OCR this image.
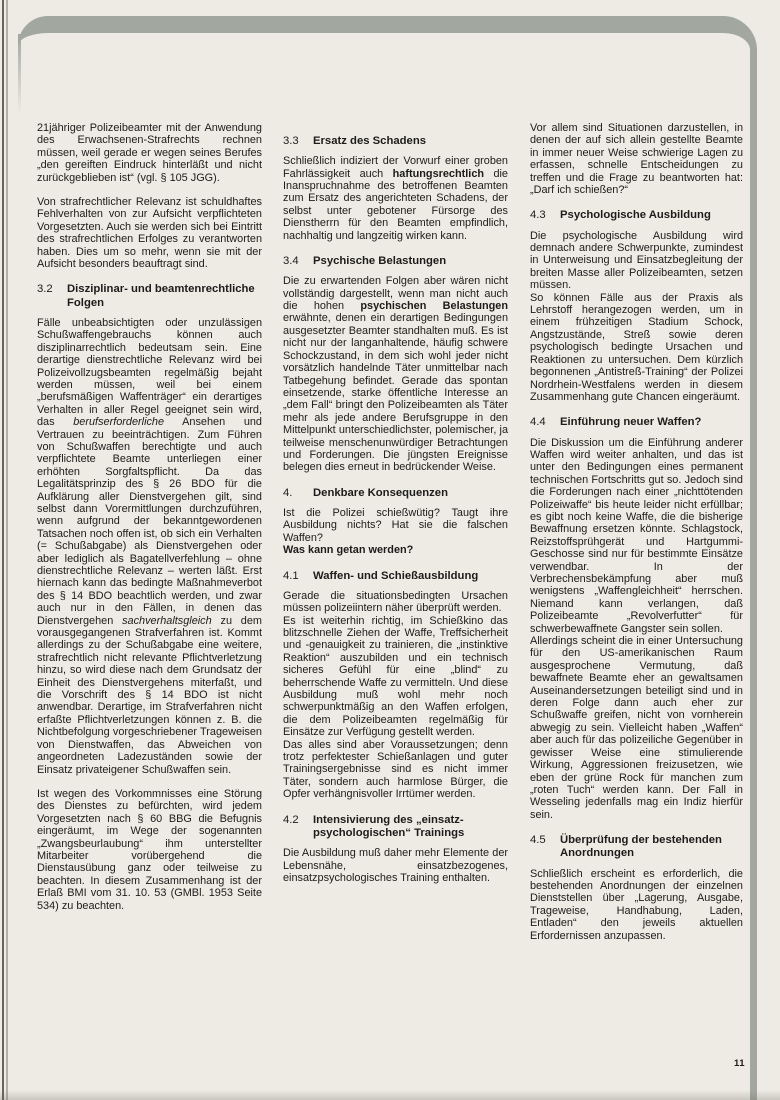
21jähriger Polizeibeamter mit der Anwendung des Erwachsenen-Strafrechts rechnen müssen, weil gerade er wegen seines Berufes „den gereiften Eindruck hinterläßt und nicht zurückgeblieben ist“ (vgl. § 105 JGG).

Von strafrechtlicher Relevanz ist schuldhaftes Fehlverhalten von zur Aufsicht verpflichteten Vorgesetzten. Auch sie werden sich bei Eintritt des strafrechtlichen Erfolges zu verantworten haben. Dies um so mehr, wenn sie mit der Aufsicht besonders beauftragt sind.

3.2	Disziplinar- und beamtenrechtliche
Folgen

Fälle unbeabsichtigten oder unzulässigen Schußwaffengebrauchs können auch disziplinarrechtlich bedeutsam sein. Eine derartige dienstrechtliche Relevanz wird bei Polizeivollzugsbeamten regelmäßig bejaht werden müssen, weil bei einem „berufsmäßigen Waffenträger“ ein derartiges Verhalten in aller Regel geeignet sein wird, das berufserforderliche Ansehen und Vertrauen zu beeinträchtigen. Zum Führen von Schußwaffen berechtigte und auch verpflichtete Beamte unterliegen einer erhöhten Sorgfaltspflicht. Da das Legalitätsprinzip des § 26 BDO für die Aufklärung aller Dienstvergehen gilt, sind selbst dann Vorermittlungen durchzuführen, wenn aufgrund der bekanntgewordenen Tatsachen noch offen ist, ob sich ein Verhalten (= Schußabgabe) als Dienstvergehen oder aber lediglich als Bagatellverfehlung – ohne dienstrechtliche Relevanz – werten läßt. Erst hiernach kann das bedingte Maßnahmeverbot des § 14 BDO beachtlich werden, und zwar auch nur in den Fällen, in denen das Dienstvergehen sachverhaltsgleich zu dem vorausgegangenen Strafverfahren ist. Kommt allerdings zu der Schußabgabe eine weitere, strafrechtlich nicht relevante Pflichtverletzung hinzu, so wird diese nach dem Grundsatz der Einheit des Dienstvergehens miterfaßt, und die Vorschrift des § 14 BDO ist nicht anwendbar. Derartige, im Strafverfahren nicht erfaßte Pflichtverletzungen können z. B. die Nichtbefolgung vorgeschriebener Trageweisen von Dienstwaffen, das Abweichen von angeordneten Ladezuständen sowie der Einsatz privateigener Schußwaffen sein.

Ist wegen des Vorkommnisses eine Störung des Dienstes zu befürchten, wird jedem Vorgesetzten nach § 60 BBG die Befugnis eingeräumt, im Wege der sogenannten „Zwangsbeurlaubung“ ihm unterstellter Mitarbeiter vorübergehend die Dienstausübung ganz oder teilweise zu beachten. In diesem Zusammenhang ist der Erlaß BMI vom 31. 10. 53 (GMBl. 1953 Seite 534) zu beachten.

3.3	Ersatz des Schadens

Schließlich indiziert der Vorwurf einer groben Fahrlässigkeit auch haftungsrechtlich die Inanspruchnahme des betroffenen Beamten zum Ersatz des angerichteten Schadens, der selbst unter gebotener Fürsorge des Dienstherrn für den Beamten empfindlich, nachhaltig und langzeitig wirken kann.

3.4	Psychische Belastungen

Die zu erwartenden Folgen aber wären nicht vollständig dargestellt, wenn man nicht auch die hohen psychischen Belastungen erwähnte, denen ein derartigen Bedingungen ausgesetzter Beamter standhalten muß. Es ist nicht nur der langanhaltende, häufig schwere Schockzustand, in dem sich wohl jeder nicht vorsätzlich handelnde Täter unmittelbar nach Tatbegehung befindet. Gerade das spontan einsetzende, starke öffentliche Interesse an „dem Fall“ bringt den Polizeibeamten als Täter mehr als jede andere Berufsgruppe in den Mittelpunkt unterschiedlichster, polemischer, ja teilweise menschenunwürdiger Betrachtungen und Forderungen. Die jüngsten Ereignisse belegen dies erneut in bedrückender Weise.

4.	Denkbare Konsequenzen

Ist die Polizei schießwütig? Taugt ihre Ausbildung nichts? Hat sie die falschen Waffen?

Was kann getan werden?

4.1	Waffen- und Schießausbildung

Gerade die situationsbedingten Ursachen müssen polizeiintern näher überprüft werden.

Es ist weiterhin richtig, im Schießkino das blitzschnelle Ziehen der Waffe, Treffsicherheit und -genauigkeit zu trainieren, die „instinktive Reaktion“ auszubilden und ein technisch sicheres Gefühl für eine „blind“ zu beherrschende Waffe zu vermitteln. Und diese Ausbildung muß wohl mehr noch schwerpunktmäßig an den Waffen erfolgen, die dem Polizeibeamten regelmäßig für Einsätze zur Verfügung gestellt werden.

Das alles sind aber Voraussetzungen; denn trotz perfektester Schießanlagen und guter Trainingsergebnisse sind es nicht immer Täter, sondern auch harmlose Bürger, die Opfer verhängnisvoller Irrtümer werden.

4.2	Intensivierung des „einsatz-
psychologischen“ Trainings

Die Ausbildung muß daher mehr Elemente der Lebensnähe, einsatzbezogenes, einsatzpsychologisches Training enthalten.

Vor allem sind Situationen darzustellen, in denen der auf sich allein gestellte Beamte in immer neuer Weise schwierige Lagen zu erfassen, schnelle Entscheidungen zu treffen und die Frage zu beantworten hat: „Darf ich schießen?“

4.3	Psychologische Ausbildung

Die psychologische Ausbildung wird demnach andere Schwerpunkte, zumindest in Unterweisung und Einsatzbegleitung der breiten Masse aller Polizeibeamten, setzen müssen.

So können Fälle aus der Praxis als Lehrstoff herangezogen werden, um in einem frühzeitigen Stadium Schock, Angstzustände, Streß sowie deren psychologisch bedingte Ursachen und Reaktionen zu untersuchen. Dem kürzlich begonnenen „Antistreß-Training“ der Polizei Nordrhein-Westfalens werden in diesem Zusammenhang gute Chancen eingeräumt.

4.4	Einführung neuer Waffen?

Die Diskussion um die Einführung anderer Waffen wird weiter anhalten, und das ist unter den Bedingungen eines permanent technischen Fortschritts gut so. Jedoch sind die Forderungen nach einer „nichttötenden Polizeiwaffe“ bis heute leider nicht erfüllbar; es gibt noch keine Waffe, die die bisherige Bewaffnung ersetzen könnte. Schlagstock, Reizstoffsprühgerät und Hartgummi-Geschosse sind nur für bestimmte Einsätze verwendbar. In der Verbrechensbekämpfung aber muß wenigstens „Waffengleichheit“ herrschen. Niemand kann verlangen, daß Polizeibeamte „Revolverfutter“ für schwerbewaffnete Gangster sein sollen.

Allerdings scheint die in einer Untersuchung für den US-amerikanischen Raum ausgesprochene Vermutung, daß bewaffnete Beamte eher an gewaltsamen Auseinandersetzungen beteiligt sind und in deren Folge dann auch eher zur Schußwaffe greifen, nicht von vornherein abwegig zu sein. Vielleicht haben „Waffen“ aber auch für das polizeiliche Gegenüber in gewisser Weise eine stimulierende Wirkung, Aggressionen freizusetzen, wie eben der grüne Rock für manchen zum „roten Tuch“ werden kann. Der Fall in Wesseling jedenfalls mag ein Indiz hierfür sein.

4.5	Überprüfung der bestehenden
Anordnungen

Schließlich erscheint es erforderlich, die bestehenden Anordnungen der einzelnen Dienststellen über „Lagerung, Ausgabe, Trageweise, Handhabung, Laden, Entladen“ den jeweils aktuellen Erfordernissen anzupassen.

11
